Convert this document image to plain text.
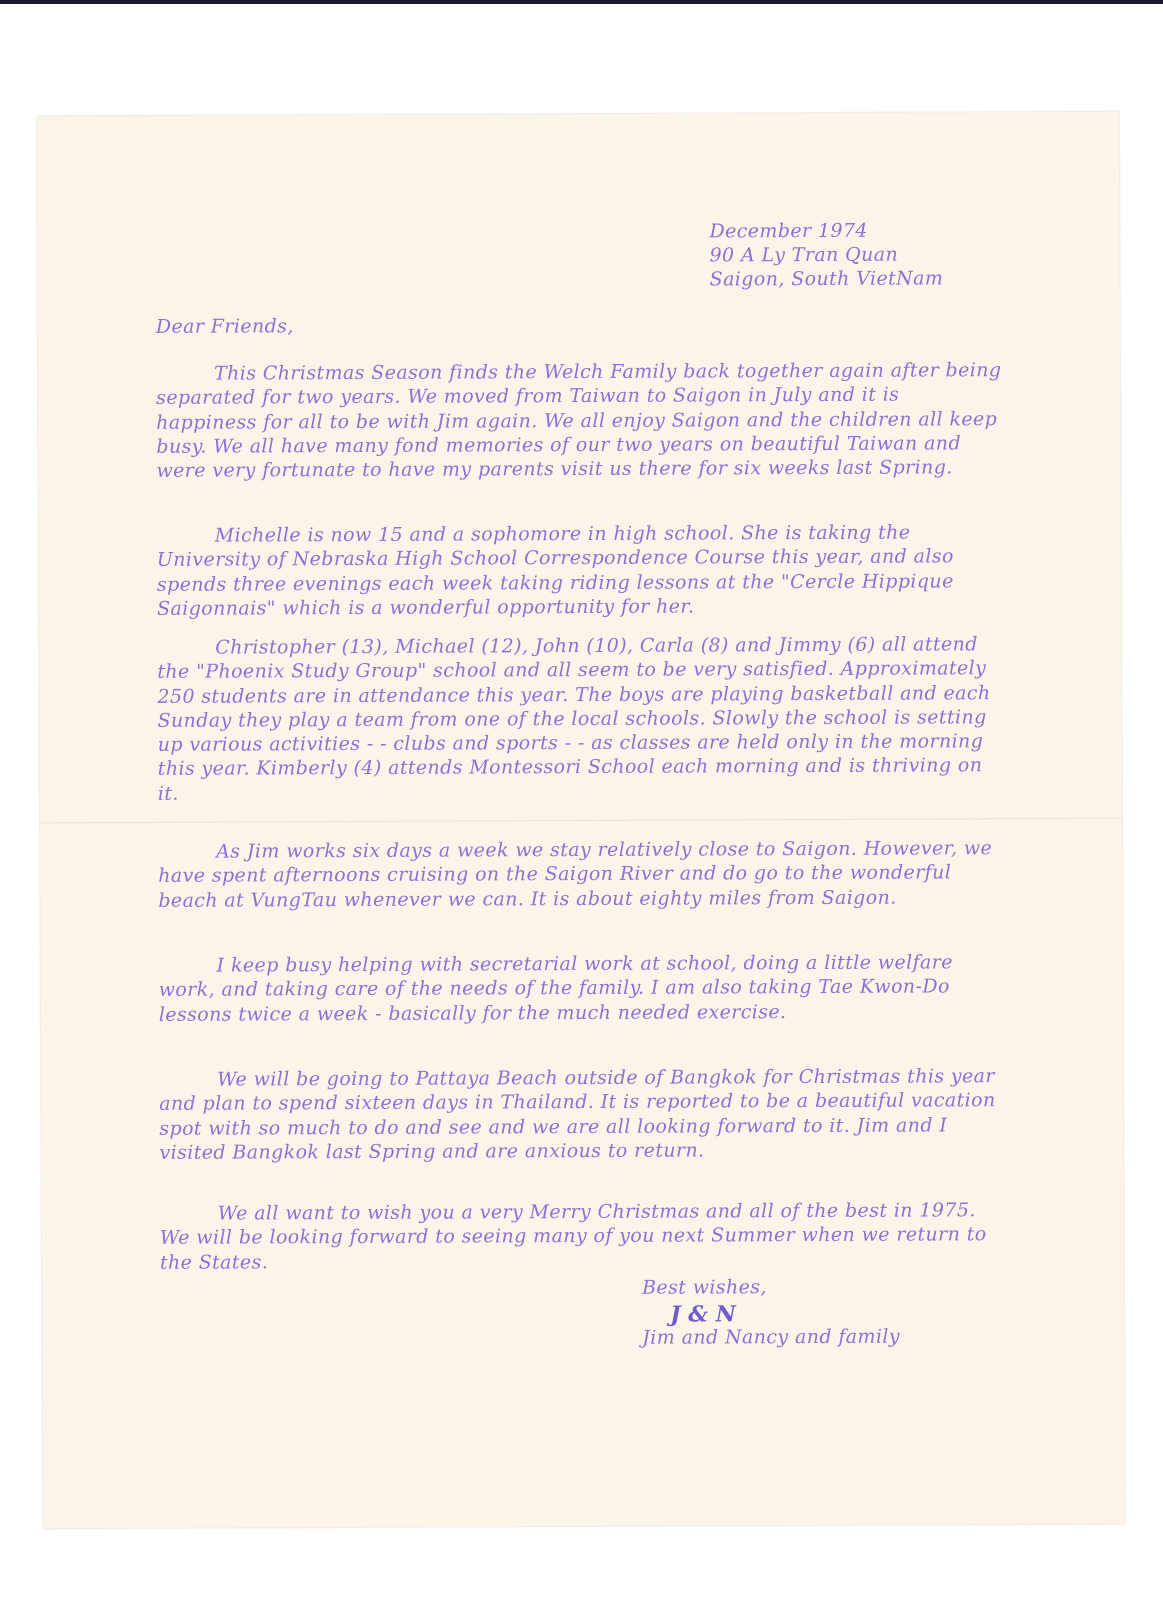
December 1974
90 A Ly Tran Quan
Saigon, South VietNam
Dear Friends,

This Christmas Season finds the Welch Family back together again after being separated for two years. We moved from Taiwan to Saigon in July and it is happiness for all to be with Jim again. We all enjoy Saigon and the children all keep busy. We all have many fond memories of our two years on beautiful Taiwan and were very fortunate to have my parents visit us there for six weeks last Spring.

Michelle is now 15 and a sophomore in high school. She is taking the University of Nebraska High School Correspondence Course this year, and also spends three evenings each week taking riding lessons at the "Cercle Hippique Saigonnais" which is a wonderful opportunity for her.

Christopher (13), Michael (12), John (10), Carla (8) and Jimmy (6) all attend the "Phoenix Study Group" school and all seem to be very satisfied. Approximately 250 students are in attendance this year. The boys are playing basketball and each Sunday they play a team from one of the local schools. Slowly the school is setting up various activities - - clubs and sports - - as classes are held only in the morning this year. Kimberly (4) attends Montessori School each morning and is thriving on it.

As Jim works six days a week we stay relatively close to Saigon. However, we have spent afternoons cruising on the Saigon River and do go to the wonderful beach at VungTau whenever we can. It is about eighty miles from Saigon.

I keep busy helping with secretarial work at school, doing a little welfare work, and taking care of the needs of the family. I am also taking Tae Kwon-Do lessons twice a week - basically for the much needed exercise.

We will be going to Pattaya Beach outside of Bangkok for Christmas this year and plan to spend sixteen days in Thailand. It is reported to be a beautiful vacation spot with so much to do and see and we are all looking forward to it. Jim and I visited Bangkok last Spring and are anxious to return.

We all want to wish you a very Merry Christmas and all of the best in 1975. We will be looking forward to seeing many of you next Summer when we return to the States.

Best wishes,
Jim and Nancy and family
J & N
